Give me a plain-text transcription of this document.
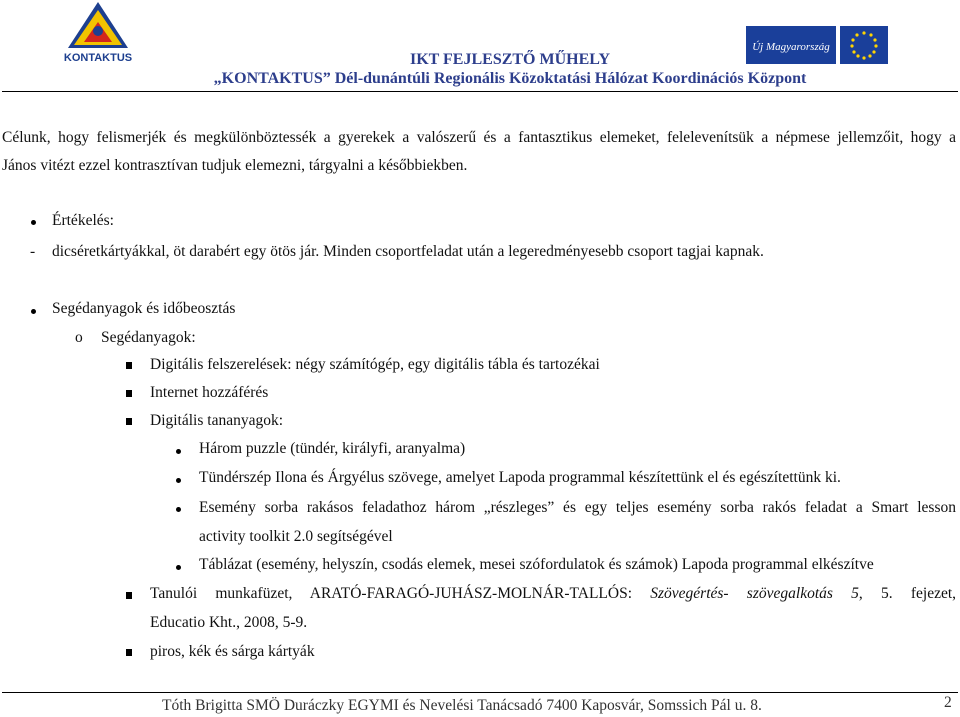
KONTAKTUS	IKT FEJLESZTŐ MŰHELY
„KONTAKTUS” Dél-dunántúli Regionális Közoktatási Hálózat Koordinációs Központ
Új Magyarország
Célunk, hogy felismerjék és megkülönböztessék a gyerekek a valószerű és a fantasztikus elemeket, felelevenítsük a népmese jellemzőit, hogy a
János vitézt ezzel kontrasztívan tudjuk elemezni, tárgyalni a későbbiekben.
Értékelés:
- dicséretkártyákkal, öt darabért egy ötös jár. Minden csoportfeladat után a legeredményesebb csoport tagjai kapnak.
Segédanyagok és időbeosztás
o Segédanyagok:
Digitális felszerelések: négy számítógép, egy digitális tábla és tartozékai
Internet hozzáférés
Digitális tananyagok:
Három puzzle (tündér, királyfi, aranyalma)
Tündérszép Ilona és Árgyélus szövege, amelyet Lapoda programmal készítettünk el és egészítettünk ki.
Esemény sorba rakásos feladathoz három „részleges” és egy teljes esemény sorba rakós feladat a Smart lesson
activity toolkit 2.0 segítségével
Táblázat (esemény, helyszín, csodás elemek, mesei szófordulatok és számok) Lapoda programmal elkészítve
Tanulói munkafüzet, ARATÓ-FARAGÓ-JUHÁSZ-MOLNÁR-TALLÓS: Szövegértés- szövegalkotás 5, 5. fejezet,
Educatio Kht., 2008, 5-9.
piros, kék és sárga kártyák
Tóth Brigitta SMÖ Duráczky EGYMI és Nevelési Tanácsadó 7400 Kaposvár, Somssich Pál u. 8.	2
